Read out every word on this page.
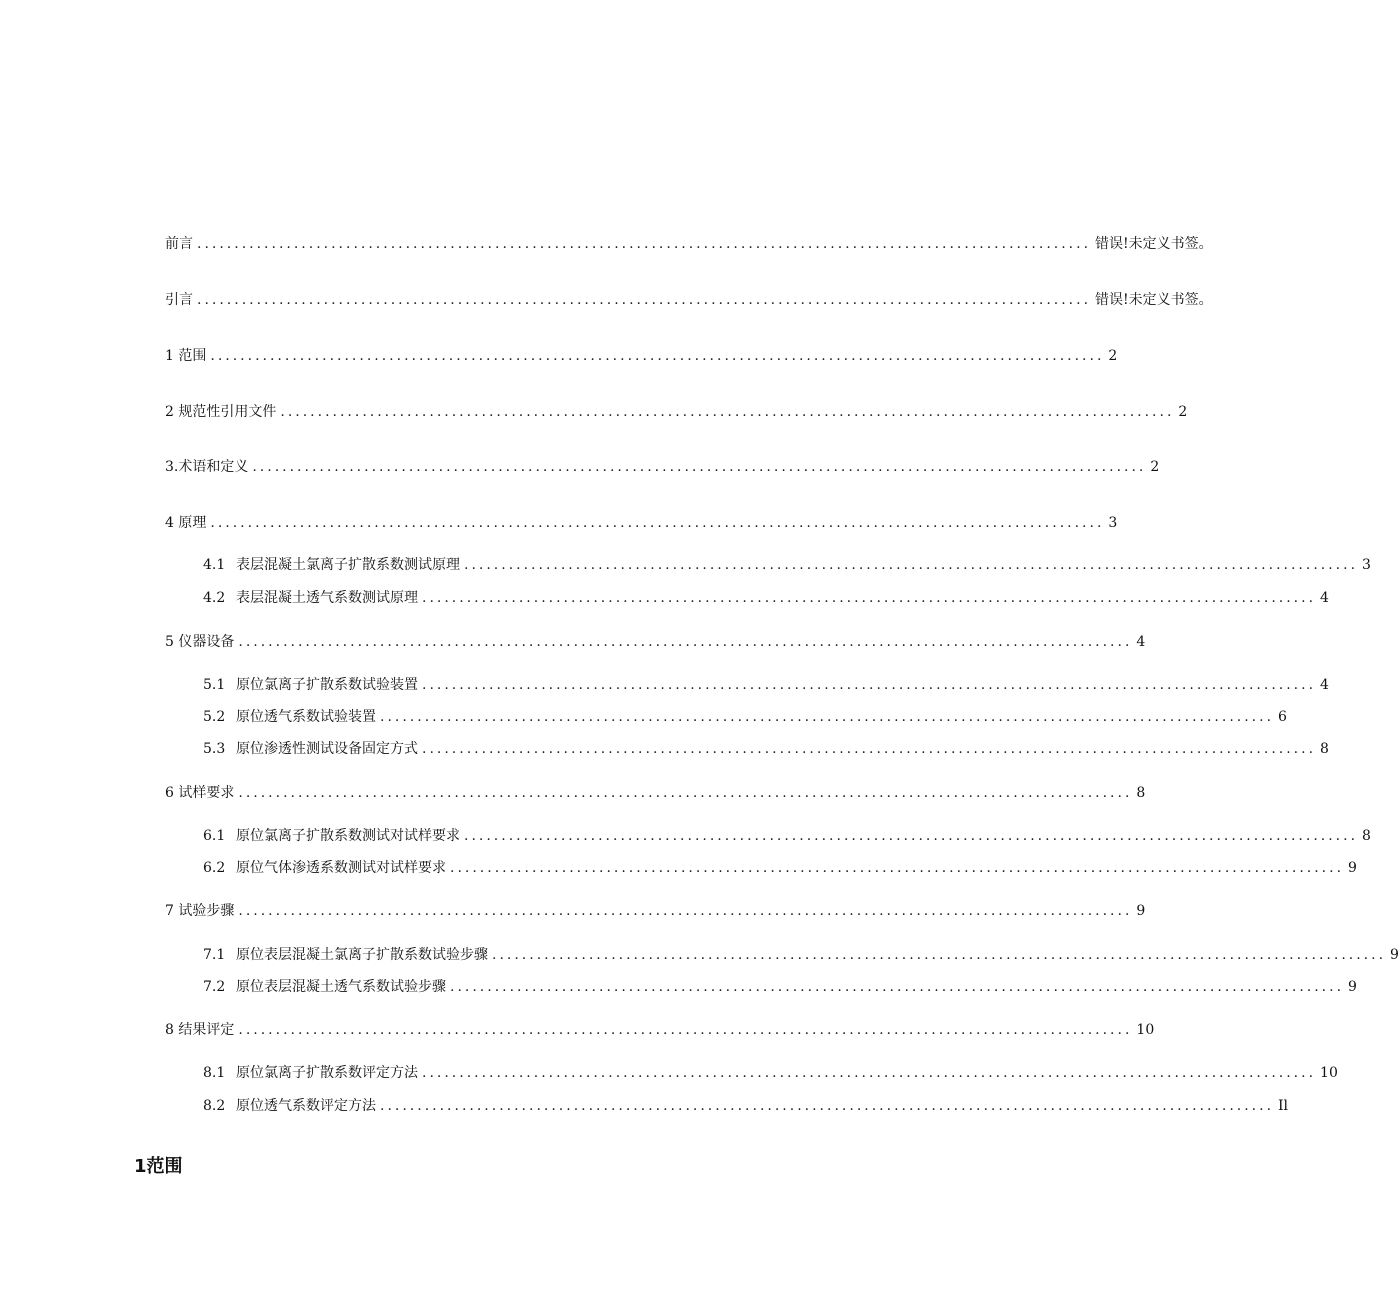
前言 ........................................................................................................................ 错误!未定义书签。
引言 ........................................................................................................................ 错误!未定义书签。
1 范围 ........................................................................................................................ 2
2 规范性引用文件 ........................................................................................................................ 2
3.术语和定义 ........................................................................................................................ 2
4 原理 ........................................................................................................................ 3
4.1 表层混凝土氯离子扩散系数测试原理 ........................................................................................................................ 3
4.2 表层混凝土透气系数测试原理 ........................................................................................................................ 4
5 仪器设备 ........................................................................................................................ 4
5.1 原位氯离子扩散系数试验装置 ........................................................................................................................ 4
5.2 原位透气系数试验装置 ........................................................................................................................ 6
5.3 原位渗透性测试设备固定方式 ........................................................................................................................ 8
6 试样要求 ........................................................................................................................ 8
6.1 原位氯离子扩散系数测试对试样要求 ........................................................................................................................ 8
6.2 原位气体渗透系数测试对试样要求 ........................................................................................................................ 9
7 试验步骤 ........................................................................................................................ 9
7.1 原位表层混凝土氯离子扩散系数试验步骤 ........................................................................................................................ 9
7.2 原位表层混凝土透气系数试验步骤 ........................................................................................................................ 9
8 结果评定 ........................................................................................................................ 10
8.1 原位氯离子扩散系数评定方法 ........................................................................................................................ 10
8.2 原位透气系数评定方法 ........................................................................................................................ Il
1范围
